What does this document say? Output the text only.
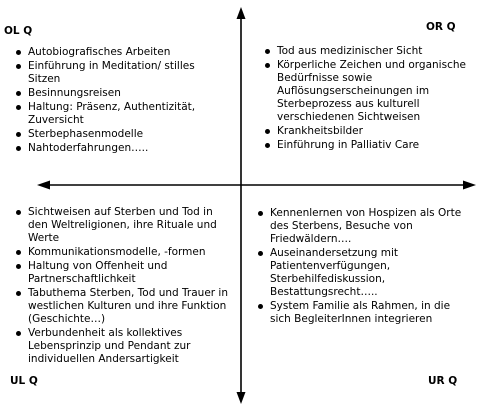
OL Q	OR Q
UL Q	UR Q
Autobiografisches Arbeiten
Einführung in Meditation/ stilles Sitzen
Besinnungsreisen
Haltung: Präsenz, Authentizität, Zuversicht
Sterbephasenmodelle
Nahtoderfahrungen…..
Tod aus medizinischer Sicht
Körperliche Zeichen und organische Bedürfnisse sowie Auflösungserscheinungen im Sterbeprozess aus kulturell verschiedenen Sichtweisen
Krankheitsbilder
Einführung in Palliativ Care
Sichtweisen auf Sterben und Tod in den Weltreligionen, ihre Rituale und Werte
Kommunikationsmodelle, -formen
Haltung von Offenheit und Partnerschaftlichkeit
Tabuthema Sterben, Tod und Trauer in westlichen Kulturen und ihre Funktion (Geschichte…)
Verbundenheit als kollektives Lebensprinzip und Pendant zur individuellen Andersartigkeit
Kennenlernen von Hospizen als Orte des Sterbens, Besuche von Friedwäldern….
Auseinandersetzung mit Patientenverfügungen, Sterbehilfediskussion, Bestattungsrecht…..
System Familie als Rahmen, in die sich BegleiterInnen integrieren
